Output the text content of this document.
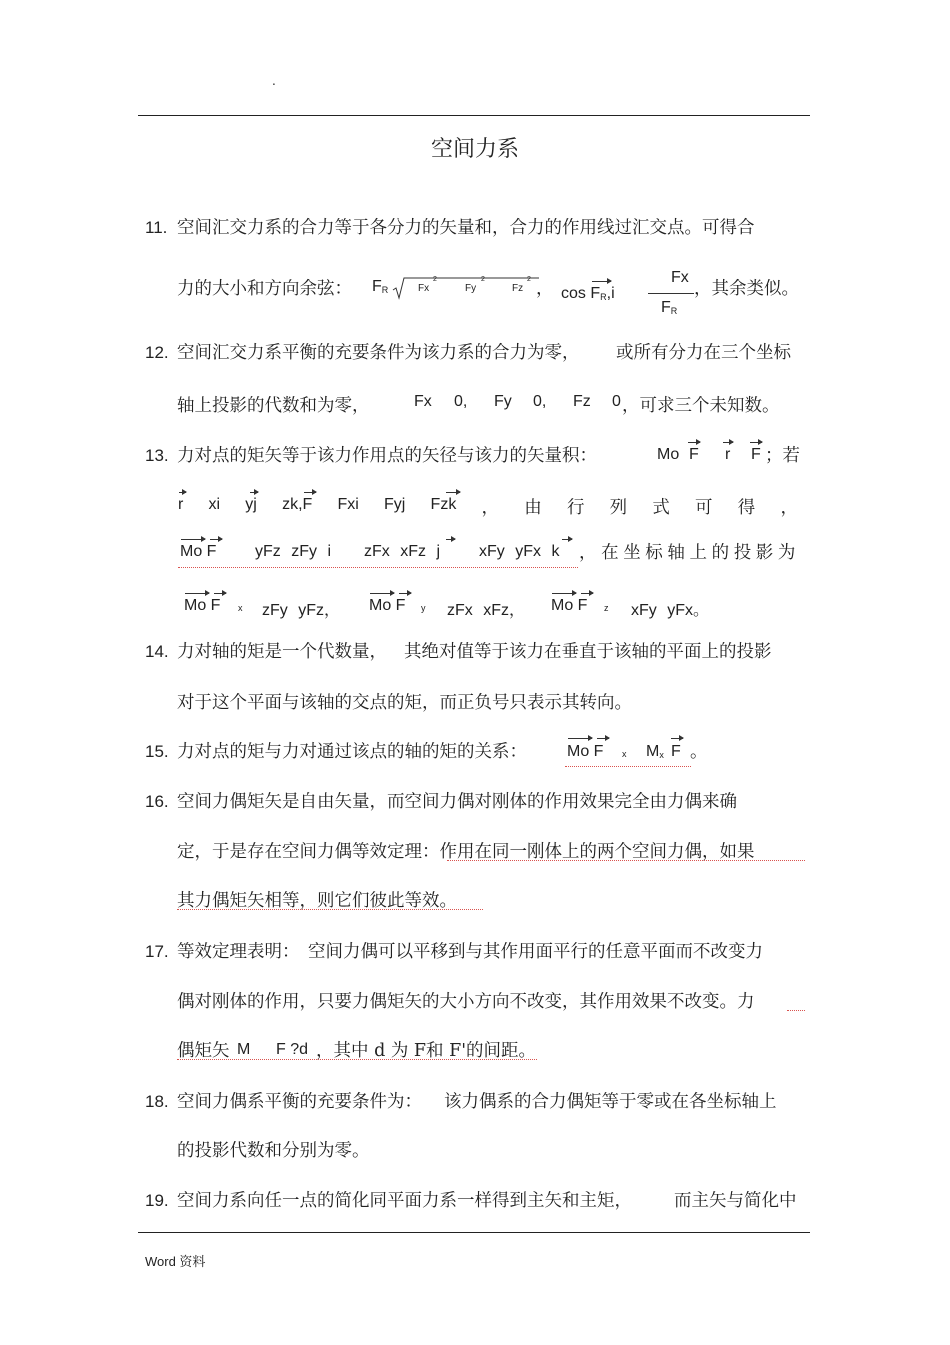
.
空间力系
11. 空间汇交力系的合力等于各分力的矢量和，合力的作用线过汇交点。可得合
力的大小和方向余弦： $F_R$	Fx
2
Fy
2
Fz
2 ， $\cos F_R,i$
Fx
$F_R$
，其余类似。
12. 空间汇交力系平衡的充要条件为该力系的合力为零， 或所有分力在三个坐标
轴上投影的代数和为零，	Fx 0, Fy 0, Fz 0 ，可求三个未知数。
13. 力对点的矩矢等于该力作用点的矢径与该力的矢量积：	Mo F r F ；若
r xi yj zk,F Fxi Fyj Fzk ， 由 行 列 式 可 得 ，
Mo F yFz zFy i zFx xFz j xFy yFx k ，在坐标轴上的投影为
Mo F x zFy yFz， Mo F y zFx xFz， Mo F z xFy yFx。
14. 力对轴的矩是一个代数量， 其绝对值等于该力在垂直于该轴的平面上的投影
对于这个平面与该轴的交点的矩，而正负号只表示其转向。
15. 力对点的矩与力对通过该点的轴的矩的关系：	Mo F x $M_x$ F 。
16. 空间力偶矩矢是自由矢量，而空间力偶对刚体的作用效果完全由力偶来确
定，于是存在空间力偶等效定理：作用在同一刚体上的两个空间力偶，如果
其力偶矩矢相等，则它们彼此等效。
17. 等效定理表明： 空间力偶可以平移到与其作用面平行的任意平面而不改变力
偶对刚体的作用，只要力偶矩矢的大小方向不改变，其作用效果不改变。力
偶矩矢 M F ?d ，其中 d 为 F和 F'的间距。
18. 空间力偶系平衡的充要条件为： 该力偶系的合力偶矩等于零或在各坐标轴上
的投影代数和分别为零。
19. 空间力系向任一点的简化同平面力系一样得到主矢和主矩， 而主矢与简化中
Word 资料
